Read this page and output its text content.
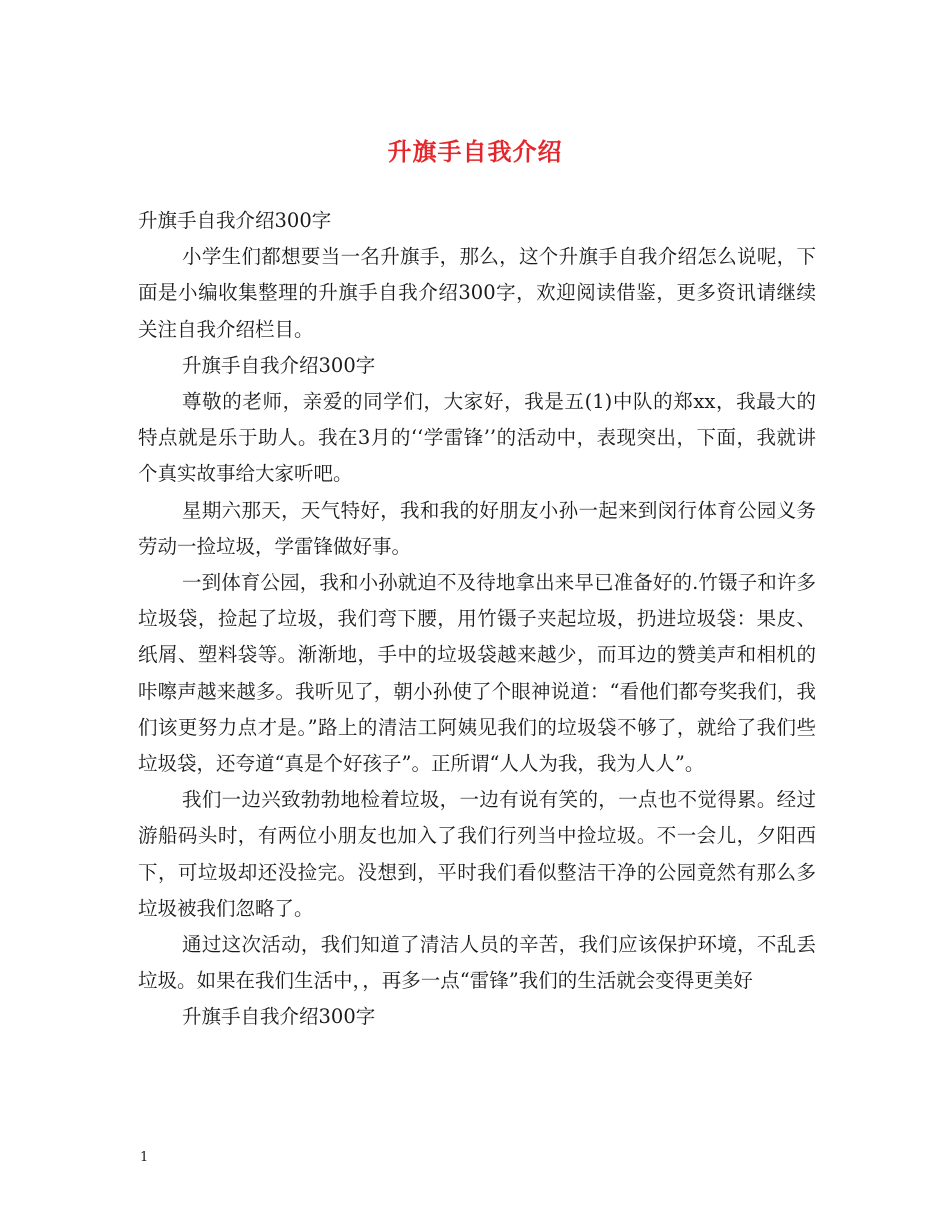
升旗手自我介绍

升旗手自我介绍300字

小学生们都想要当一名升旗手，那么，这个升旗手自我介绍怎么说呢，下面是小编收集整理的升旗手自我介绍300字，欢迎阅读借鉴，更多资讯请继续关注自我介绍栏目。

升旗手自我介绍300字

尊敬的老师，亲爱的同学们，大家好，我是五(1)中队的郑xx，我最大的特点就是乐于助人。我在3月的‘‘学雷锋’’的活动中，表现突出，下面，我就讲个真实故事给大家听吧。

星期六那天，天气特好，我和我的好朋友小孙一起来到闵行体育公园义务劳动一捡垃圾，学雷锋做好事。

一到体育公园，我和小孙就迫不及待地拿出来早已准备好的.竹镊子和许多垃圾袋，捡起了垃圾，我们弯下腰，用竹镊子夹起垃圾，扔进垃圾袋：果皮、纸屑、塑料袋等。渐渐地，手中的垃圾袋越来越少，而耳边的赞美声和相机的咔嚓声越来越多。我听见了，朝小孙使了个眼神说道：“看他们都夸奖我们，我们该更努力点才是。”路上的清洁工阿姨见我们的垃圾袋不够了，就给了我们些垃圾袋，还夸道“真是个好孩子”。正所谓“人人为我，我为人人”。

我们一边兴致勃勃地检着垃圾，一边有说有笑的，一点也不觉得累。经过游船码头时，有两位小朋友也加入了我们行列当中捡垃圾。不一会儿，夕阳西下，可垃圾却还没捡完。没想到，平时我们看似整洁干净的公园竟然有那么多垃圾被我们忽略了。

通过这次活动，我们知道了清洁人员的辛苦，我们应该保护环境，不乱丢垃圾。如果在我们生活中，，再多一点“雷锋”我们的生活就会变得更美好

升旗手自我介绍300字

1
